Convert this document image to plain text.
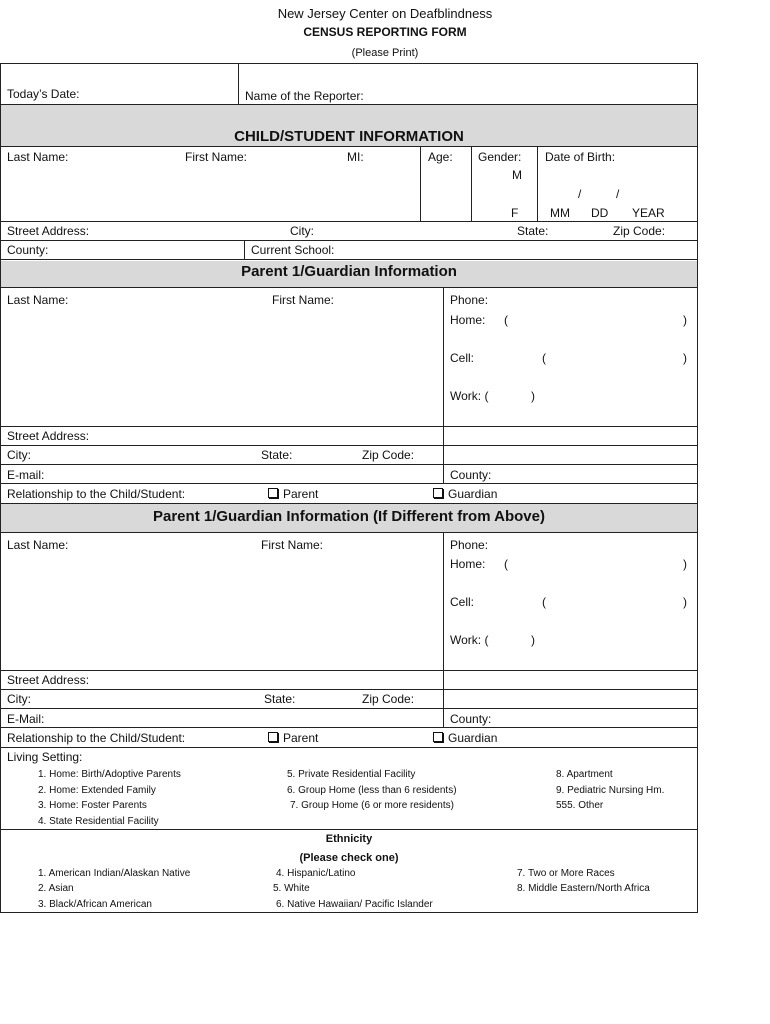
New Jersey Center on Deafblindness
CENSUS REPORTING FORM
(Please Print)
Today’s Date:	Name of the Reporter:
CHILD/STUDENT INFORMATION
Last Name:	First Name:	MI:	Age: Gender:
M
F
Date of Birth:
/	/
MM DD YEAR
Street Address:	City:	State:	Zip Code:
County:	Current School:
Parent 1/Guardian Information
Last Name:	First Name:	Phone:
Home: (	)
Cell:	(	)
Work: (	)
Street Address:
City:	State:	Zip Code:
E-mail:	County:
Relationship to the Child/Student:	Parent	Guardian
Parent 1/Guardian Information (If Different from Above)
Last Name:	First Name:	Phone:
Home: (	)
Cell:	(	)
Work: (	)
Street Address:
City:	State:	Zip Code:
E-Mail:	County:
Relationship to the Child/Student:	Parent	Guardian
Living Setting:
1. Home: Birth/Adoptive Parents
2. Home: Extended Family
3. Home: Foster Parents
4. State Residential Facility
5. Private Residential Facility
6. Group Home (less than 6 residents)
7. Group Home (6 or more residents)
8. Apartment
9. Pediatric Nursing Hm.
555. Other
Ethnicity
(Please check one)
1. American Indian/Alaskan Native
2. Asian
3. Black/African American
4. Hispanic/Latino
5. White
6. Native Hawaiian/ Pacific Islander
7. Two or More Races
8. Middle Eastern/North Africa
